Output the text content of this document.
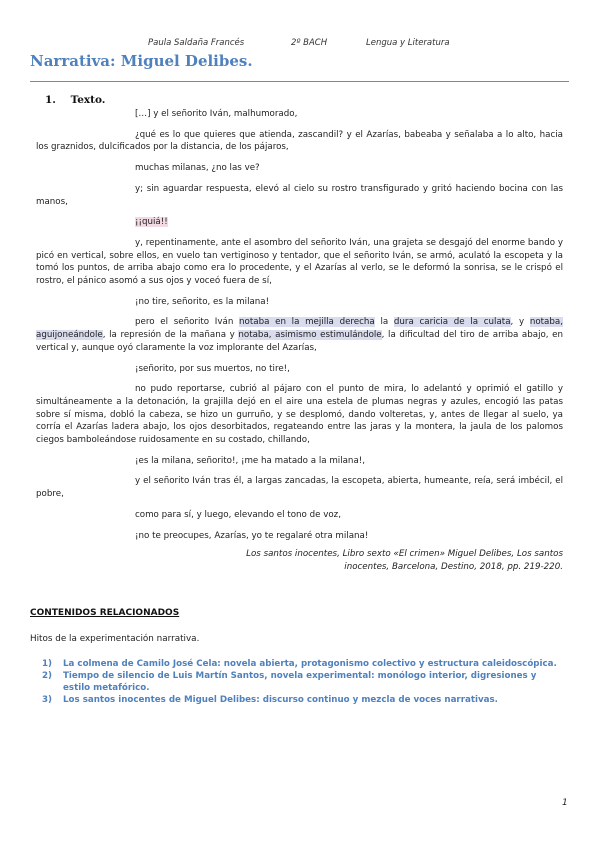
Paula Saldaña Francés	2º BACH	Lengua y Literatura
Narrativa: Miguel Delibes.
1. Texto.

[…] y el señorito Iván, malhumorado,

¿qué es lo que quieres que atienda, zascandil? y el Azarías, babeaba y señalaba a lo alto, hacia los graznidos, dulcificados por la distancia, de los pájaros,

muchas milanas, ¿no las ve?

y; sin aguardar respuesta, elevó al cielo su rostro transfigurado y gritó haciendo bocina con las manos,

¡¡quiá!!

y, repentinamente, ante el asombro del señorito Iván, una grajeta se desgajó del enorme bando y picó en vertical, sobre ellos, en vuelo tan vertiginoso y tentador, que el señorito Iván, se armó, aculató la escopeta y la tomó los puntos, de arriba abajo como era lo procedente, y el Azarías al verlo, se le deformó la sonrisa, se le crispó el rostro, el pánico asomó a sus ojos y voceó fuera de sí,

¡no tire, señorito, es la milana!

pero el señorito Iván notaba en la mejilla derecha la dura caricia de la culata, y notaba, aguijoneándole, la represión de la mañana y notaba, asimismo estimulándole, la dificultad del tiro de arriba abajo, en vertical y, aunque oyó claramente la voz implorante del Azarías,

¡señorito, por sus muertos, no tire!,

no pudo reportarse, cubrió al pájaro con el punto de mira, lo adelantó y oprimió el gatillo y simultáneamente a la detonación, la grajilla dejó en el aire una estela de plumas negras y azules, encogió las patas sobre sí misma, dobló la cabeza, se hizo un gurruño, y se desplomó, dando volteretas, y, antes de llegar al suelo, ya corría el Azarías ladera abajo, los ojos desorbitados, regateando entre las jaras y la montera, la jaula de los palomos ciegos bamboleándose ruidosamente en su costado, chillando,

¡es la milana, señorito!, ¡me ha matado a la milana!,

y el señorito Iván tras él, a largas zancadas, la escopeta, abierta, humeante, reía, será imbécil, el pobre,

como para sí, y luego, elevando el tono de voz,

¡no te preocupes, Azarías, yo te regalaré otra milana!

Los santos inocentes, Libro sexto «El crimen» Miguel Delibes, Los santos inocentes, Barcelona, Destino, 2018, pp. 219-220.

CONTENIDOS RELACIONADOS
Hitos de la experimentación narrativa.
1) La colmena de Camilo José Cela: novela abierta, protagonismo colectivo y estructura caleidoscópica.
2) Tiempo de silencio de Luis Martín Santos, novela experimental: monólogo interior, digresiones y estilo metafórico.
3) Los santos inocentes de Miguel Delibes: discurso continuo y mezcla de voces narrativas.
1
